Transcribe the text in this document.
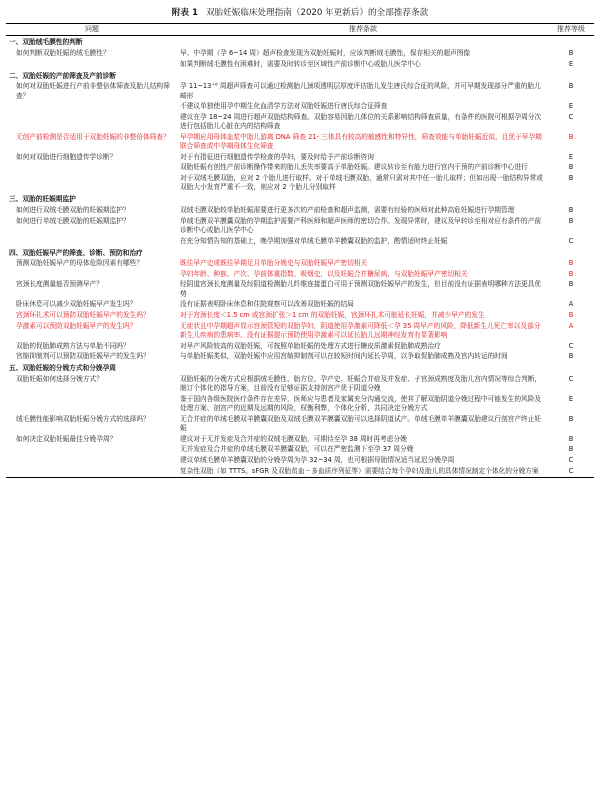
附表 1 双胎妊娠临床处理指南（2020 年更新后）的全部推荐条款
问题	推荐条款	推荐等级
一、双胎绒毛膜性的判断		
如何判断双胎妊娠的绒毛膜性？	早、中孕期（孕 6~14 周）超声检查发现为双胎妊娠时，应该判断绒毛膜性，保存相关的超声图像	B
	如果判断绒毛膜性有困难时，需要及时转诊至区域性产前诊断中心或胎儿医学中心	E
二、双胎妊娠的产前筛查及产前诊断		
如何对双胎妊娠进行产前非整倍体筛查及胎儿结构筛查？	孕 11~13⁺⁶ 周超声筛查可以通过检测胎儿颈项透明层厚度评估胎儿发生唐氏综合征的风险，并可早期发现部分严重的胎儿畸形	B
	不建议单独使用孕中期生化血清学方法对双胎妊娠进行唐氏综合征筛查	E
	建议在孕 18~24 周进行超声双胎结构筛查。双胎容易因胎儿体位的关系影响结构筛查质量，有条件的医院可根据孕周分次进行包括胎儿心脏在内的结构筛查	C
无创产前检测是否适用于双胎妊娠的非整倍体筛查？	早孕期应用母体血浆中胎儿游离 DNA 筛查 21- 三体具有较高的敏感性和特异性，筛查效能与单胎妊娠近似，且优于早孕期联合筛查或中孕期母体生化筛查	B
如何对双胎进行细胞遗传学诊断？	对于有指征进行细胞遗传学检查的孕妇，要及时给予产前诊断咨询	E
	双胎妊娠有创性产前诊断操作带来的胎儿丢失率要高于单胎妊娠。建议转诊至有能力进行宫内干预的产前诊断中心进行	B
	对于双绒毛膜双胎，应对 2 个胎儿进行取样。对于单绒毛膜双胎，通常只需对其中任一胎儿取样；但如出现一胎结构异常或双胎大小发育严重不一致，则应对 2 个胎儿分别取样	B
三、双胎的妊娠期监护		
如何进行双绒毛膜双胎的妊娠期监护？	双绒毛膜双胎较单胎妊娠需要进行更多次的产前检查和超声监测，需要有经验的医师对此种高危妊娠进行孕期管理	B
如何进行单绒毛膜双胎的妊娠期监护？	单绒毛膜双羊膜囊双胎的孕期监护需要产科医师和超声医师的密切合作。发现异常时，建议及早转诊至相对应有条件的产前诊断中心或胎儿医学中心	B
	在充分知情告知的基础上，晚孕期加强对单绒毛膜单羊膜囊双胎的监护，酌情适时终止妊娠	C
四、双胎妊娠早产的筛查、诊断、预防和治疗		
预测双胎妊娠早产的母体危险因素有哪些？	既往早产史或既往早期足月单胎分娩史与双胎妊娠早产密切相关	B
	孕妇年龄、种族、产次、孕前体重指数、吸烟史，以及妊娠合并糖尿病，与双胎妊娠早产密切相关	B
宫颈长度测量能否预测早产？	经阴道宫颈长度测量及经阴道检测胎儿纤维连接蛋白可用于预测双胎妊娠早产的发生，但目前没有证据表明哪种方法更具优势	B
卧床休息可以减少双胎妊娠早产发生吗？	没有证据表明卧床休息和住院观察可以改善双胎妊娠的结局	A
宫颈环扎术可以预防双胎妊娠早产的发生吗？	对于宫颈长度＜1.5 cm 或宫颈扩张＞1 cm 的双胎妊娠，宫颈环扎术可能延长妊娠，并减少早产的发生	B
孕激素可以预防双胎妊娠早产的发生吗？	无症状且中孕期超声显示宫颈管短的双胎孕妇，阴道使用孕激素可降低＜孕 35 周早产的风险，降低新生儿死亡率以及部分新生儿疾病的患病率。没有证据提示预防使用孕激素可以延长胎儿远期神经发育有显著影响	A
双胎的促胎肺成熟方法与单胎不同吗？	对早产风险较高的双胎妊娠，可按照单胎妊娠的处理方式进行糖皮质激素促胎肺成熟治疗	C
宫缩抑制剂可以预防双胎妊娠早产的发生吗？	与单胎妊娠类似，双胎妊娠中应用宫缩抑制剂可以在较短时间内延长孕周，以争取促胎肺成熟及宫内转运的时间	B
五、双胎妊娠的分娩方式和分娩孕周		
双胎妊娠如何选择分娩方式？	双胎妊娠的分娩方式应根据绒毛膜性、胎方位、孕产史、妊娠合并症及并发症、子宫颈成熟度及胎儿宫内情况等综合判断，制订个体化的指导方案，目前没有足够证据支持剖宫产优于阴道分娩	C
	鉴于国内各级医院医疗条件存在差异，医师应与患者及家属充分沟通交流，使其了解双胎阴道分娩过程中可能发生的风险及处理方案、剖宫产的近期及远期的风险，权衡利弊，个体化分析，共同决定分娩方式	E
绒毛膜性能影响双胎妊娠分娩方式的选择吗？	无合并症的单绒毛膜双羊膜囊双胎及双绒毛膜双羊膜囊双胎可以选择阴道试产。单绒毛膜单羊膜囊双胎建议行剖宫产终止妊娠	B
如何决定双胎妊娠最佳分娩孕周？	建议对于无并发症及合并症的双绒毛膜双胎，可期待至孕 38 周时再考虑分娩	B
	无并发症及合并症的单绒毛膜双羊膜囊双胎，可以在严密监测下至孕 37 周分娩	B
	建议单绒毛膜单羊膜囊双胎的分娩孕周为孕 32~34 周，也可根据母胎情况适当延迟分娩孕周	C
	复杂性双胎（如 TTTS、sFGR 及双胎贫血－多血质序列征等）需要结合每个孕妇及胎儿的具体情况制定个体化的分娩方案	C
